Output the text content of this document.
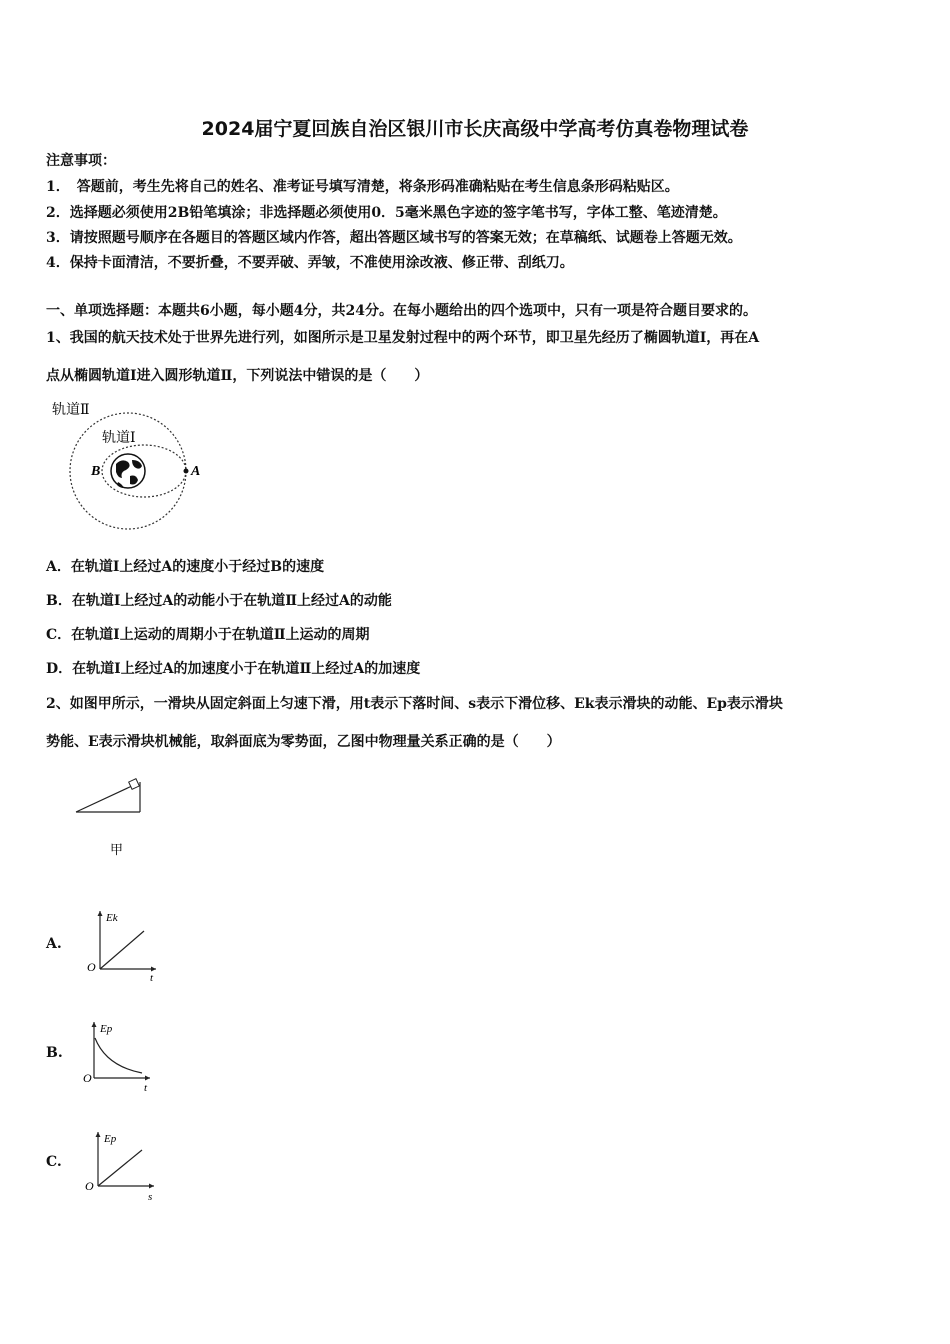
2024届宁夏回族自治区银川市长庆高级中学高考仿真卷物理试卷
注意事项：
1．　答题前，考生先将自己的姓名、准考证号填写清楚，将条形码准确粘贴在考生信息条形码粘贴区。
2．选择题必须使用2B铅笔填涂；非选择题必须使用0．5毫米黑色字迹的签字笔书写，字体工整、笔迹清楚。
3．请按照题号顺序在各题目的答题区域内作答，超出答题区域书写的答案无效；在草稿纸、试题卷上答题无效。
4．保持卡面清洁，不要折叠，不要弄破、弄皱，不准使用涂改液、修正带、刮纸刀。
一、单项选择题：本题共6小题，每小题4分，共24分。在每小题给出的四个选项中，只有一项是符合题目要求的。
1、我国的航天技术处于世界先进行列，如图所示是卫星发射过程中的两个环节，即卫星先经历了椭圆轨道Ⅰ，再在A
点从椭圆轨道Ⅰ进入圆形轨道Ⅱ，下列说法中错误的是（　　）
轨道Ⅱ
轨道Ⅰ
A
B
A．在轨道Ⅰ上经过A的速度小于经过B的速度
B．在轨道Ⅰ上经过A的动能小于在轨道Ⅱ上经过A的动能
C．在轨道Ⅰ上运动的周期小于在轨道Ⅱ上运动的周期
D．在轨道Ⅰ上经过A的加速度小于在轨道Ⅱ上经过A的加速度
2、如图甲所示，一滑块从固定斜面上匀速下滑，用t表示下落时间、s表示下滑位移、Ek表示滑块的动能、Ep表示滑块
势能、E表示滑块机械能，取斜面底为零势面，乙图中物理量关系正确的是（　　）
甲
A.
Ek
O
t
B.
Ep
O
t
C.
Ep
O
s
